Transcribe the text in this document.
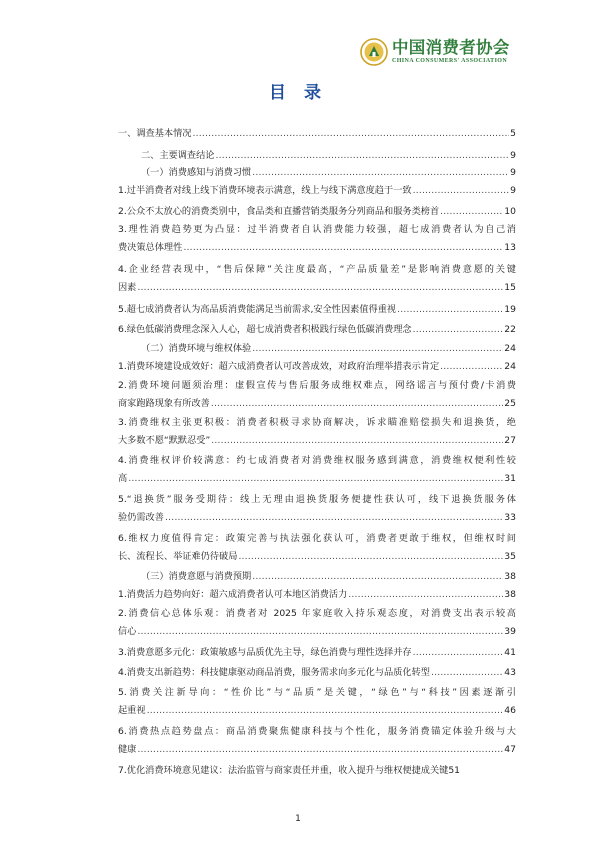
中国消费者协会
CHINA CONSUMERS' ASSOCIATION
目 录
一、调查基本情况 .....	5
二、主要调查结论 .....	9
（一）消费感知与消费习惯 .....	9
1.过半消费者对线上线下消费环境表示满意，线上与线下满意度趋于一致 .....	9
2.公众不太放心的消费类别中，食品类和直播营销类服务分列商品和服务类榜首 .....	10
3.理性消费趋势更为凸显：过半消费者自认消费能力较强，超七成消费者认为自己消
费决策总体理性 ……………………………………………………………………………………………………………………………………………………………………………………………………………	13
4.企业经营表现中，“售后保障”关注度最高，“产品质量差”是影响消费意愿的关键
因素 ……………………………………………………………………………………………………………………………………………………………………………………………………………	15
5.超七成消费者认为高品质消费能满足当前需求,安全性因素值得重视 .....	19
6.绿色低碳消费理念深入人心，超七成消费者积极践行绿色低碳消费理念 .....	22
（二）消费环境与维权体验 .....	24
1.消费环境建设成效好：超六成消费者认可改善成效，对政府治理举措表示肯定 .....	24
2.消费环境问题须治理：虚假宣传与售后服务成维权难点，网络谣言与预付费/卡消费
商家跑路现象有所改善 .....	25
3.消费维权主张更积极：消费者积极寻求协商解决，诉求瞄准赔偿损失和退换货，绝
大多数不愿“默默忍受” .....	27
4.消费维权评价较满意：约七成消费者对消费维权服务感到满意，消费维权便利性较
高 ……………………………………………………………………………………………………………………………………………………………………………………………………………	31
5.“退换货”服务受期待：线上无理由退换货服务便捷性获认可，线下退换货服务体
验仍需改善 ……………………………………………………………………………………………………………………………………………………………………………………………………………	33
6.维权力度值得肯定：政策完善与执法强化获认可，消费者更敢于维权，但维权时间
长、流程长、举证难仍待破局 .....	35
（三）消费意愿与消费预期 .....	38
1.消费活力趋势向好：超六成消费者认可本地区消费活力 .....	38
2.消费信心总体乐观：消费者对 2025 年家庭收入持乐观态度，对消费支出表示较高
信心 ……………………………………………………………………………………………………………………………………………………………………………………………………………	39
3.消费意愿多元化：政策敏感与品质优先主导，绿色消费与理性选择并存 .....	41
4.消费支出新趋势：科技健康驱动商品消费，服务需求向多元化与品质化转型 .....	43
5.消费关注新导向：“性价比”与“品质”是关键，“绿色”与“科技”因素逐渐引
起重视 ……………………………………………………………………………………………………………………………………………………………………………………………………………	46
6.消费热点趋势盘点：商品消费聚焦健康科技与个性化，服务消费锚定体验升级与大
健康 ……………………………………………………………………………………………………………………………………………………………………………………………………………	47
7.优化消费环境意见建议：法治监管与商家责任并重，收入提升与维权便捷成关键 51
1
